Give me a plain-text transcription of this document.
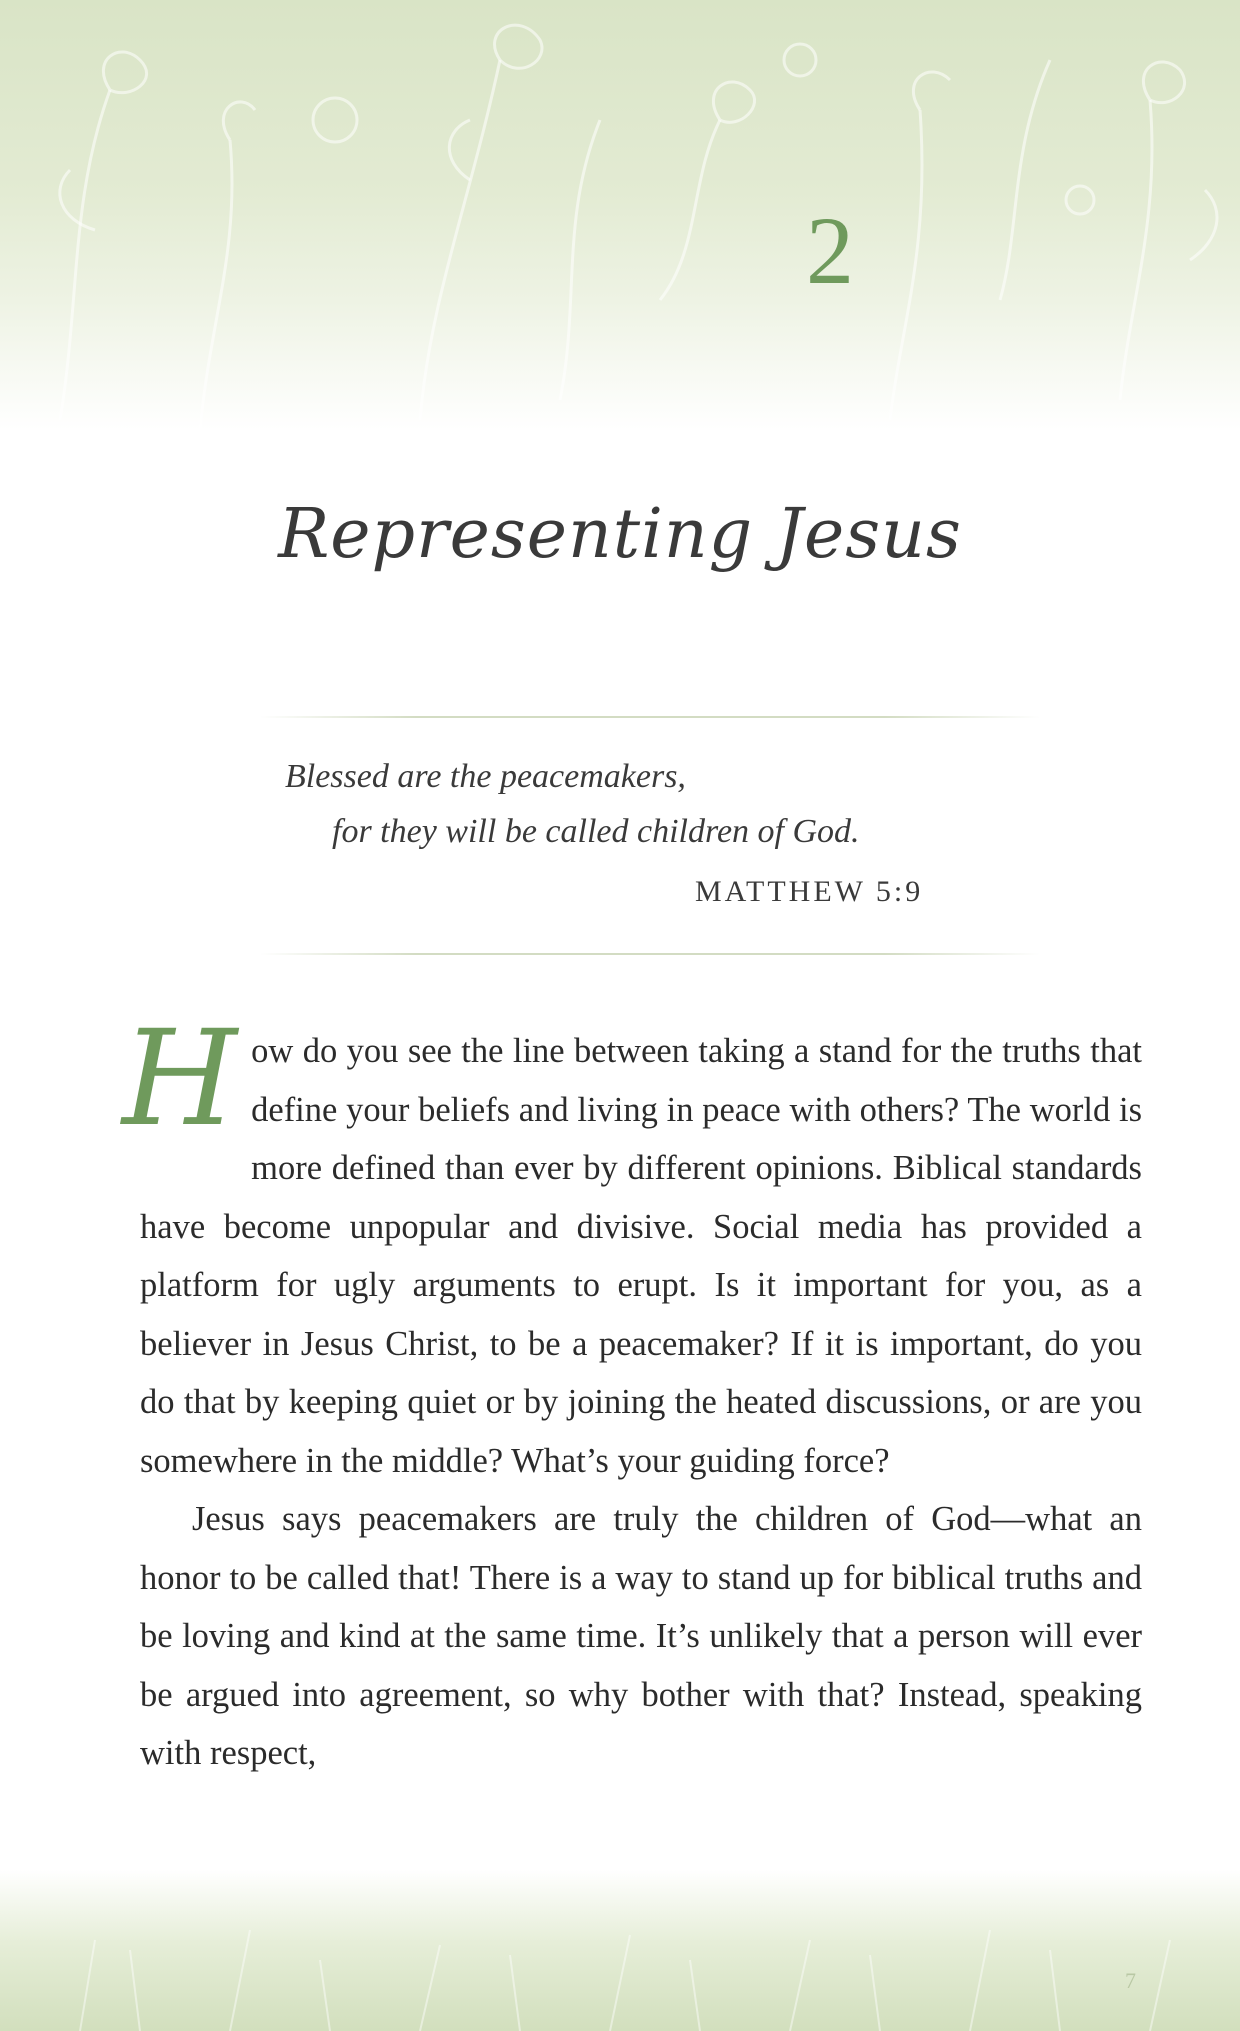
2
Representing Jesus
Blessed are the peacemakers,
for they will be called children of God.
MATTHEW 5:9

How do you see the line between taking a stand for the truths that define your beliefs and living in peace with others? The world is more defined than ever by different opinions. Biblical standards have become unpopular and divisive. Social media has provided a platform for ugly arguments to erupt. Is it important for you, as a believer in Jesus Christ, to be a peacemaker? If it is important, do you do that by keeping quiet or by joining the heated discussions, or are you somewhere in the middle? What’s your guiding force?

Jesus says peacemakers are truly the children of God—what an honor to be called that! There is a way to stand up for biblical truths and be loving and kind at the same time. It’s unlikely that a person will ever be argued into agreement, so why bother with that? Instead, speaking with respect,

7
